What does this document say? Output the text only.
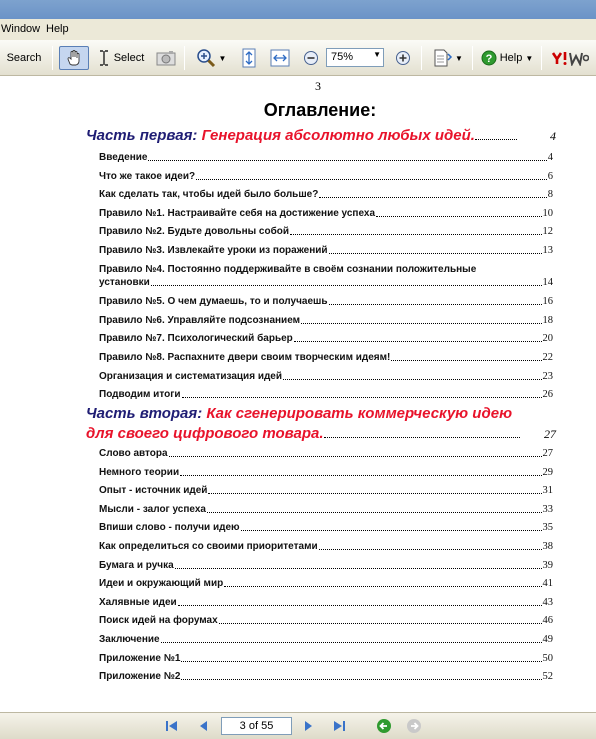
Window Help
Search	Select	▼	75%	▼	▼ ? Help ▼
3
Оглавление:
Часть первая: Генерация абсолютно любых идей.	4
Введение	4
Что же такое идеи?	6
Как сделать так, чтобы идей было больше?	8
Правило №1. Настраивайте себя на достижение успеха	10
Правило №2. Будьте довольны собой	12
Правило №3. Извлекайте уроки из поражений	13
Правило №4. Постоянно поддерживайте в своём сознании положительные
установки	14
Правило №5. О чем думаешь, то и получаешь	16
Правило №6. Управляйте подсознанием	18
Правило №7. Психологический барьер	20
Правило №8. Распахните двери своим творческим идеям!	22
Организация и систематизация идей	23
Подводим итоги	26
Часть вторая: Как сгенерировать коммерческую идею
для своего цифрового товара.	27
Слово автора	27
Немного теории	29
Опыт - источник идей	31
Мысли - залог успеха	33
Впиши слово - получи идею	35
Как определиться со своими приоритетами	38
Бумага и ручка	39
Идеи и окружающий мир	41
Халявные идеи	43
Поиск идей на форумах	46
Заключение	49
Приложение №1	50
Приложение №2	52
3 of 55
